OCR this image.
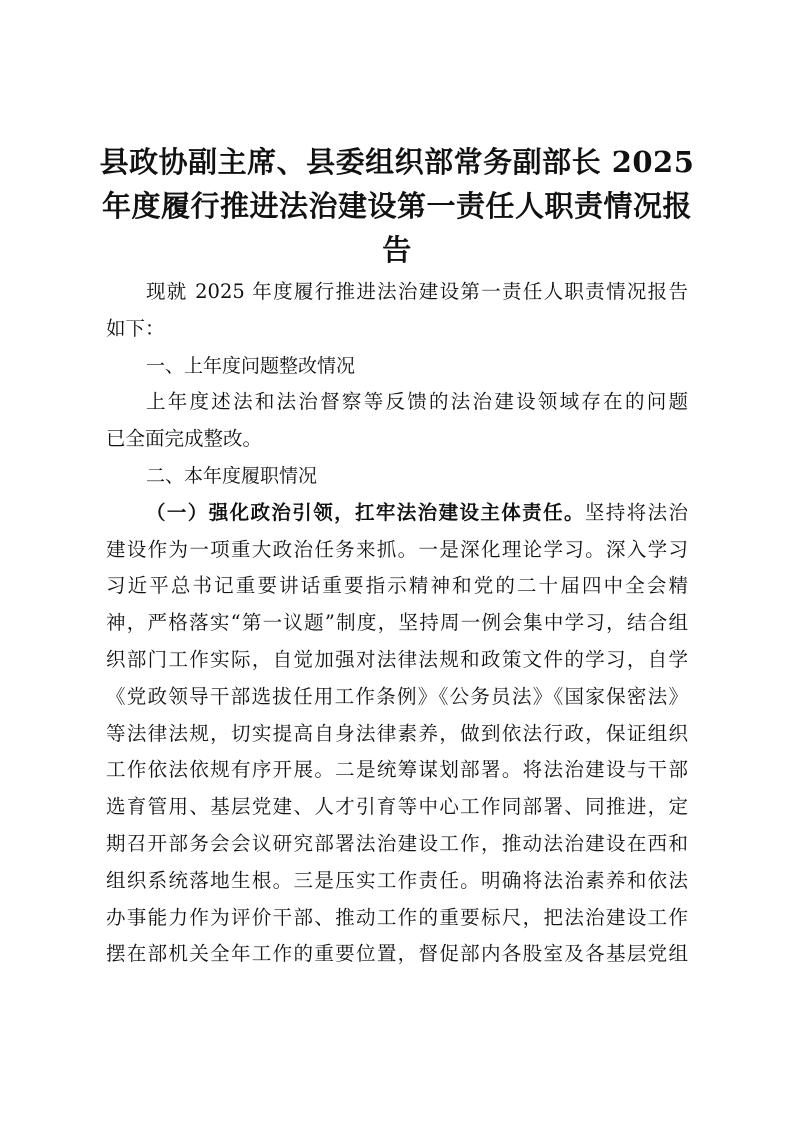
县政协副主席、县委组织部常务副部长 2025
年度履行推进法治建设第一责任人职责情况报
告
现就 2025 年度履行推进法治建设第一责任人职责情况报告
如下：
一、上年度问题整改情况
上年度述法和法治督察等反馈的法治建设领域存在的问题
已全面完成整改。
二、本年度履职情况
（一）强化政治引领，扛牢法治建设主体责任。坚持将法治
建设作为一项重大政治任务来抓。一是深化理论学习。深入学习
习近平总书记重要讲话重要指示精神和党的二十届四中全会精
神，严格落实“第一议题”制度，坚持周一例会集中学习，结合组
织部门工作实际，自觉加强对法律法规和政策文件的学习，自学
《党政领导干部选拔任用工作条例》《公务员法》《国家保密法》
等法律法规，切实提高自身法律素养，做到依法行政，保证组织
工作依法依规有序开展。二是统筹谋划部署。将法治建设与干部
选育管用、基层党建、人才引育等中心工作同部署、同推进，定
期召开部务会会议研究部署法治建设工作，推动法治建设在西和
组织系统落地生根。三是压实工作责任。明确将法治素养和依法
办事能力作为评价干部、推动工作的重要标尺，把法治建设工作
摆在部机关全年工作的重要位置，督促部内各股室及各基层党组
